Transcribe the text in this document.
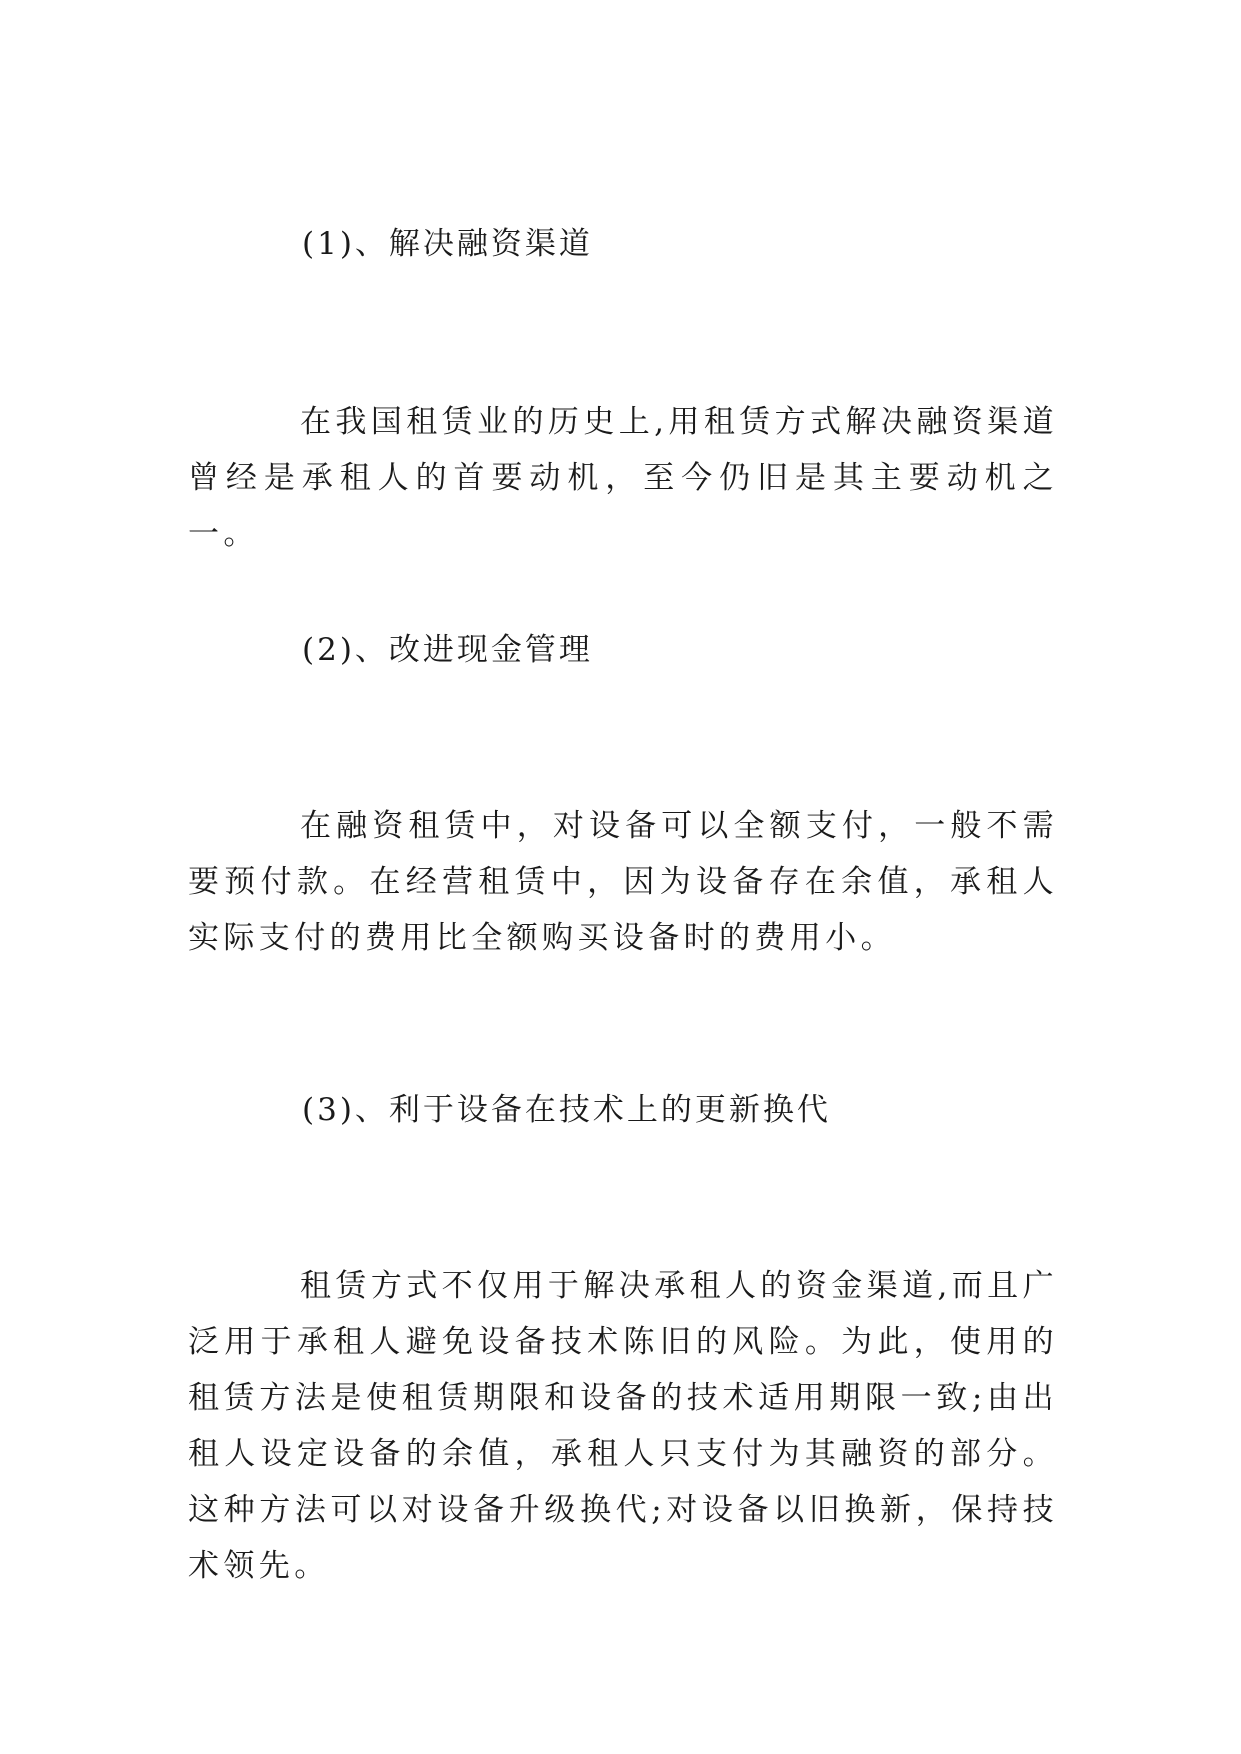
(1)、解决融资渠道

在我国租赁业的历史上,用租赁方式解决融资渠道曾经是承租人的首要动机，至今仍旧是其主要动机之一。

(2)、改进现金管理

在融资租赁中，对设备可以全额支付，一般不需要预付款。在经营租赁中，因为设备存在余值，承租人实际支付的费用比全额购买设备时的费用小。

(3)、利于设备在技术上的更新换代

租赁方式不仅用于解决承租人的资金渠道,而且广泛用于承租人避免设备技术陈旧的风险。为此，使用的租赁方法是使租赁期限和设备的技术适用期限一致;由出租人设定设备的余值，承租人只支付为其融资的部分。这种方法可以对设备升级换代;对设备以旧换新，保持技术领先。
